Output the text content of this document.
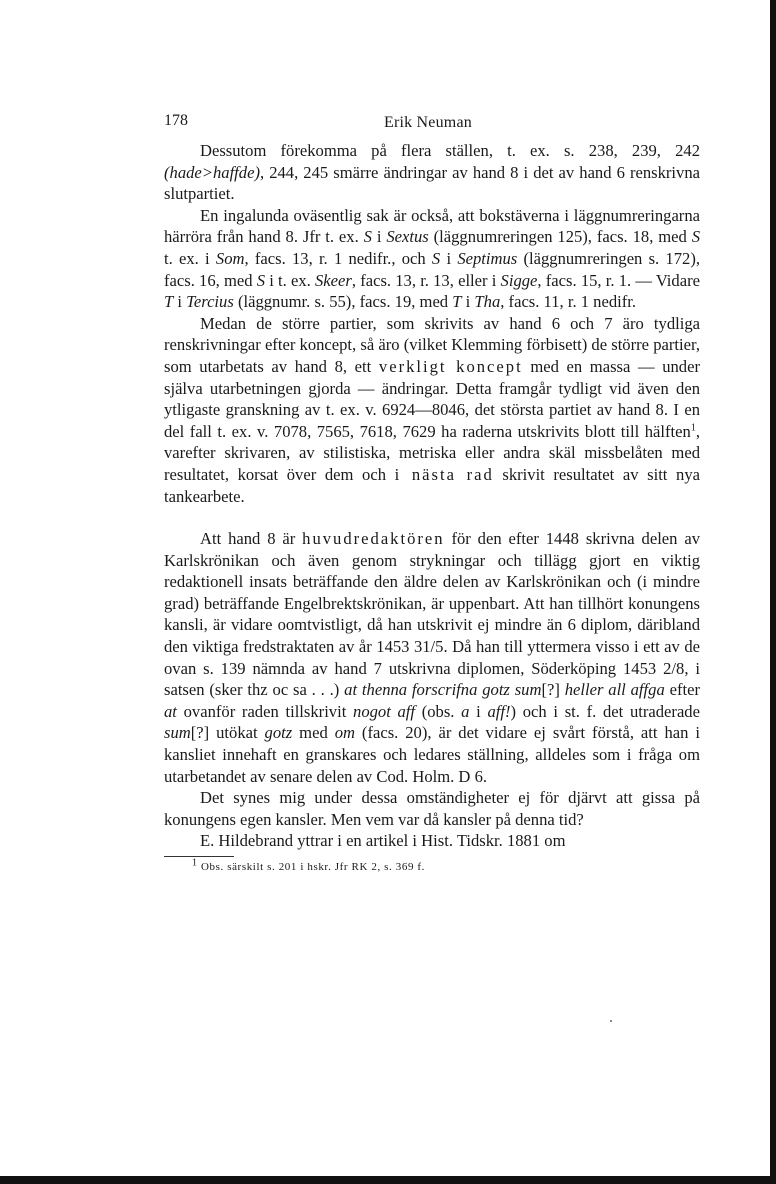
178	Erik Neuman

Dessutom förekomma på flera ställen, t. ex. s. 238, 239, 242 (hade>haffde), 244, 245 smärre ändringar av hand 8 i det av hand 6 renskrivna slutpartiet.

En ingalunda oväsentlig sak är också, att bokstäverna i läggnumreringarna härröra från hand 8. Jfr t. ex. S i Sextus (läggnumreringen 125), facs. 18, med S t. ex. i Som, facs. 13, r. 1 nedifr., och S i Septimus (läggnumreringen s. 172), facs. 16, med S i t. ex. Skeer, facs. 13, r. 13, eller i Sigge, facs. 15, r. 1. — Vidare T i Tercius (läggnumr. s. 55), facs. 19, med T i Tha, facs. 11, r. 1 nedifr.

Medan de större partier, som skrivits av hand 6 och 7 äro tydliga renskrivningar efter koncept, så äro (vilket Klemming förbisett) de större partier, som utarbetats av hand 8, ett verkligt koncept med en massa — under själva utarbetningen gjorda — ändringar. Detta framgår tydligt vid även den ytligaste granskning av t. ex. v. 6924—8046, det största partiet av hand 8. I en del fall t. ex. v. 7078, 7565, 7618, 7629 ha raderna utskrivits blott till hälften$^1$, varefter skrivaren, av stilistiska, metriska eller andra skäl missbelåten med resultatet, korsat över dem och i nästa rad skrivit resultatet av sitt nya tankearbete.

Att hand 8 är huvudredaktören för den efter 1448 skrivna delen av Karlskrönikan och även genom strykningar och tillägg gjort en viktig redaktionell insats beträffande den äldre delen av Karlskrönikan och (i mindre grad) beträffande Engelbrektskrönikan, är uppenbart. Att han tillhört konungens kansli, är vidare oomtvistligt, då han utskrivit ej mindre än 6 diplom, däribland den viktiga fredstraktaten av år 1453 31/5. Då han till yttermera visso i ett av de ovan s. 139 nämnda av hand 7 utskrivna diplomen, Söderköping 1453 2/8, i satsen (sker thz oc sa . . .) at thenna forscrifna gotz sum[?] heller all affga efter at ovanför raden tillskrivit nogot aff (obs. a i aff!) och i st. f. det utraderade sum[?] utökat gotz med om (facs. 20), är det vidare ej svårt förstå, att han i kansliet innehaft en granskares och ledares ställning, alldeles som i fråga om utarbetandet av senare delen av Cod. Holm. D 6.

Det synes mig under dessa omständigheter ej för djärvt att gissa på konungens egen kansler. Men vem var då kansler på denna tid?

E. Hildebrand yttrar i en artikel i Hist. Tidskr. 1881 om

$^1$ Obs. särskilt s. 201 i hskr. Jfr RK 2, s. 369 f.
